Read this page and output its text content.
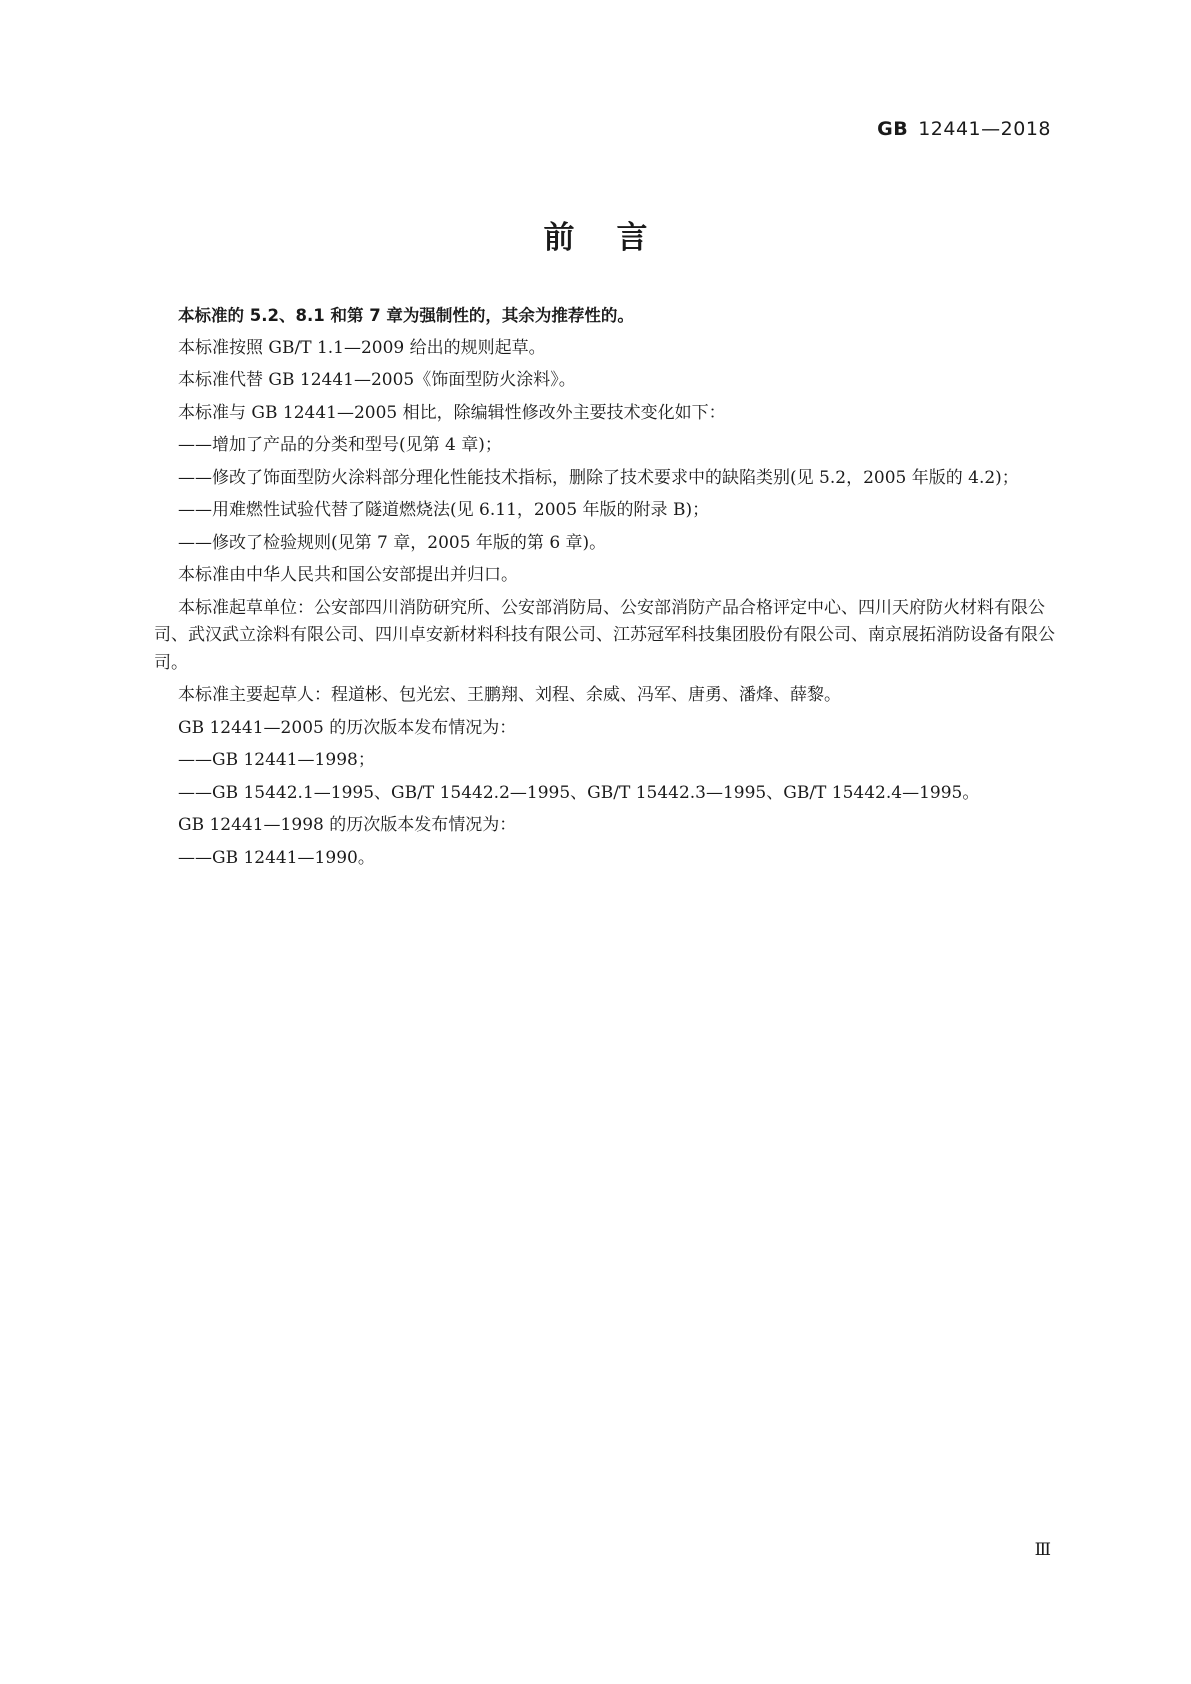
GB 12441—2018
前言

本标准的 5.2、8.1 和第 7 章为强制性的，其余为推荐性的。

本标准按照 GB/T 1.1—2009 给出的规则起草。

本标准代替 GB 12441—2005《饰面型防火涂料》。

本标准与 GB 12441—2005 相比，除编辑性修改外主要技术变化如下：

——增加了产品的分类和型号(见第 4 章)；

——修改了饰面型防火涂料部分理化性能技术指标，删除了技术要求中的缺陷类别(见 5.2，2005 年版的 4.2)；

——用难燃性试验代替了隧道燃烧法(见 6.11，2005 年版的附录 B)；

——修改了检验规则(见第 7 章，2005 年版的第 6 章)。

本标准由中华人民共和国公安部提出并归口。

本标准起草单位：公安部四川消防研究所、公安部消防局、公安部消防产品合格评定中心、四川天府防火材料有限公司、武汉武立涂料有限公司、四川卓安新材料科技有限公司、江苏冠军科技集团股份有限公司、南京展拓消防设备有限公司。

本标准主要起草人：程道彬、包光宏、王鹏翔、刘程、余威、冯军、唐勇、潘烽、薛黎。

GB 12441—2005 的历次版本发布情况为：

——GB 12441—1998；

——GB 15442.1—1995、GB/T 15442.2—1995、GB/T 15442.3—1995、GB/T 15442.4—1995。

GB 12441—1998 的历次版本发布情况为：

——GB 12441—1990。

Ⅲ
